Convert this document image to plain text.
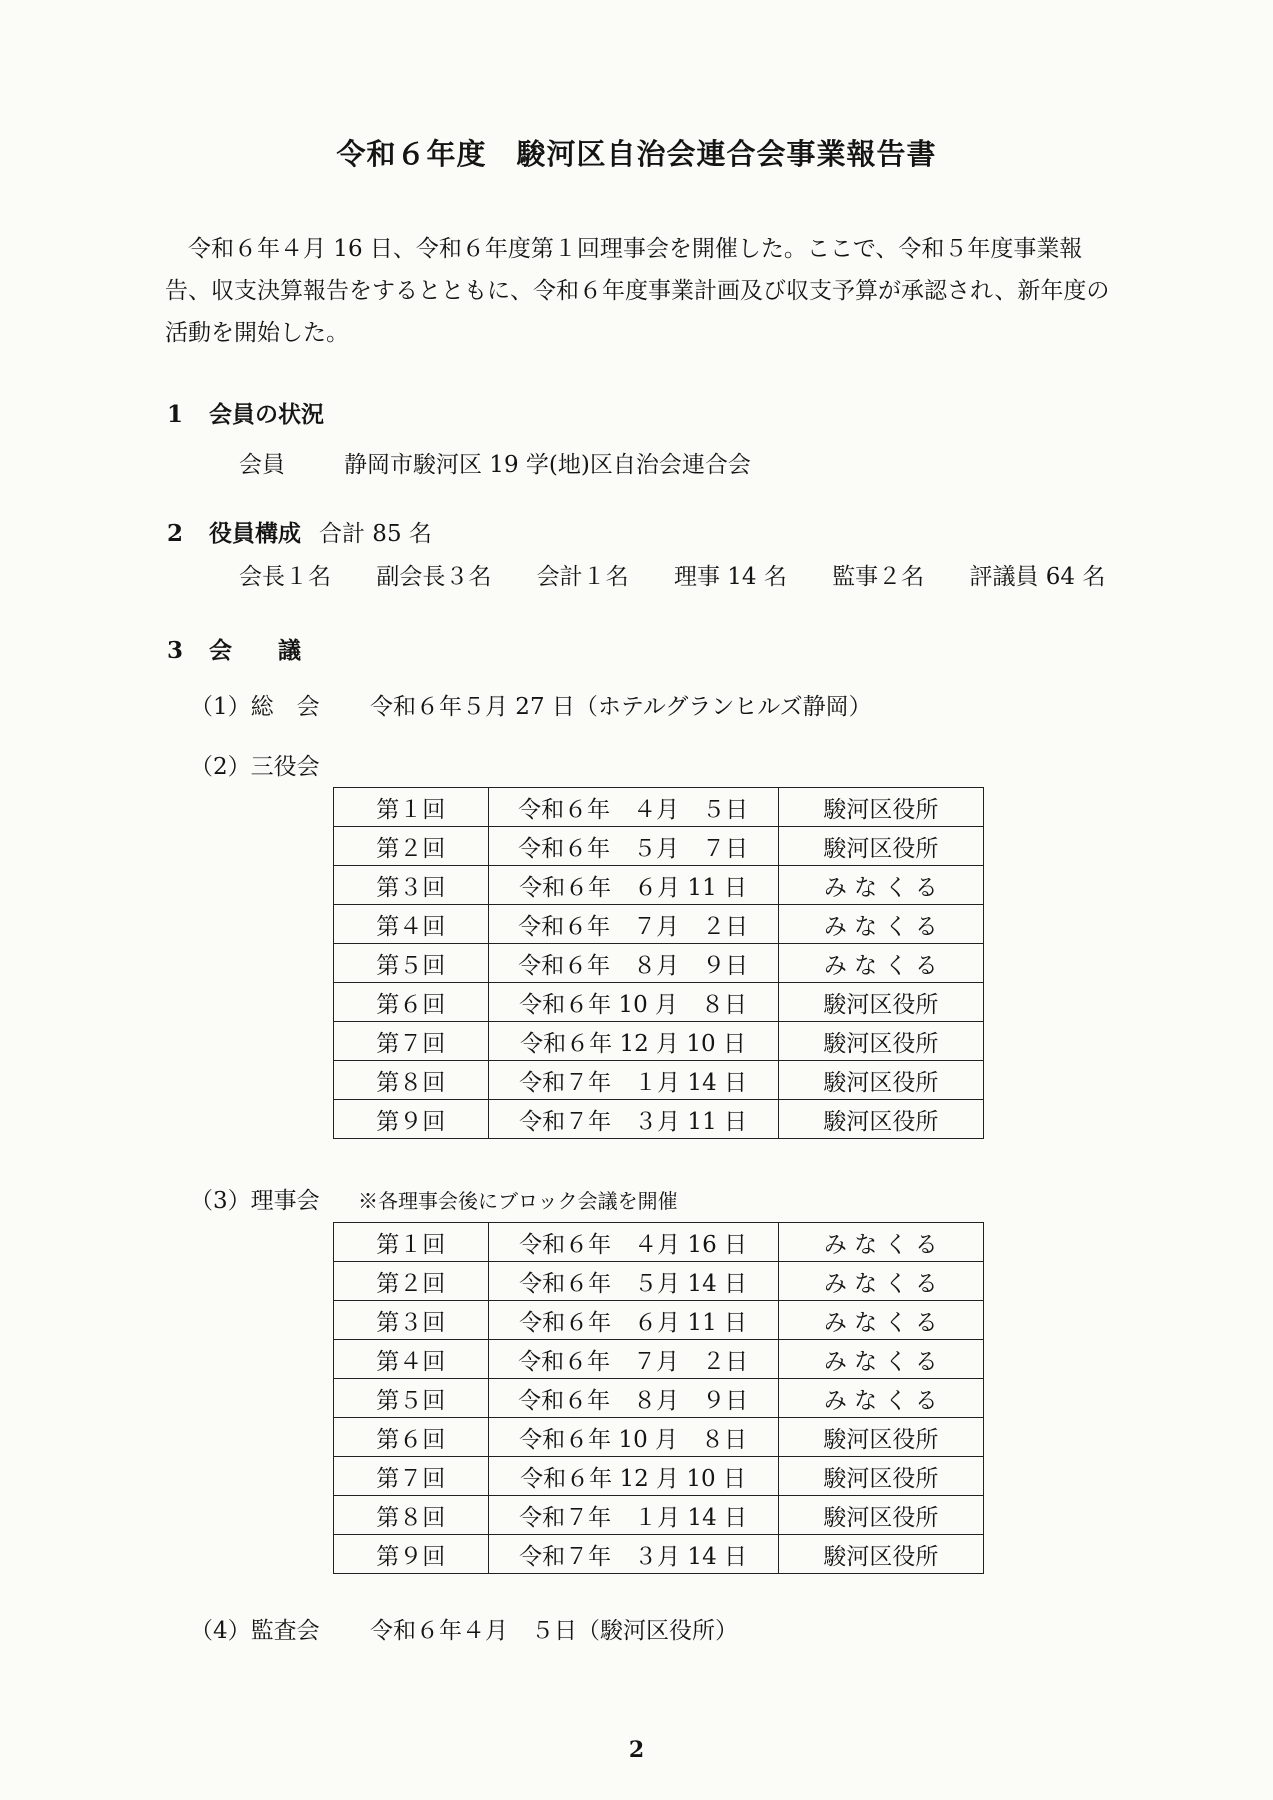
令和６年度　駿河区自治会連合会事業報告書
令和６年４月 16 日、令和６年度第１回理事会を開催した。ここで、令和５年度事業報告、収支決算報告をするとともに、令和６年度事業計画及び収支予算が承認され、新年度の活動を開始した。
1 会員の状況
会員	静岡市駿河区 19 学(地)区自治会連合会
2 役員構成 合計 85 名
会長１名 副会長３名 会計１名 理事 14 名 監事２名 評議員 64 名
3 会　　議
（1）総　会 令和６年５月 27 日（ホテルグランヒルズ静岡）
（2）三役会
第１回	令和６年　４月　５日	駿河区役所
第２回	令和６年　５月　７日	駿河区役所
第３回	令和６年　６月 11 日	み な く る
第４回	令和６年　７月　２日	み な く る
第５回	令和６年　８月　９日	み な く る
第６回	令和６年 10 月　８日	駿河区役所
第７回	令和６年 12 月 10 日	駿河区役所
第８回	令和７年　１月 14 日	駿河区役所
第９回	令和７年　３月 11 日	駿河区役所
（3）理事会 ※各理事会後にブロック会議を開催
第１回	令和６年　４月 16 日	み な く る
第２回	令和６年　５月 14 日	み な く る
第３回	令和６年　６月 11 日	み な く る
第４回	令和６年　７月　２日	み な く る
第５回	令和６年　８月　９日	み な く る
第６回	令和６年 10 月　８日	駿河区役所
第７回	令和６年 12 月 10 日	駿河区役所
第８回	令和７年　１月 14 日	駿河区役所
第９回	令和７年　３月 14 日	駿河区役所
（4）監査会 令和６年４月　５日（駿河区役所）
2
